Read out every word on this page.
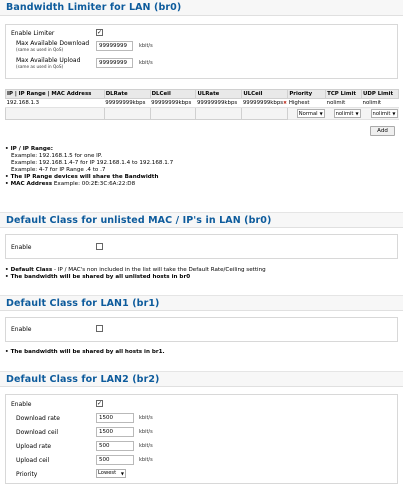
Bandwidth Limiter for LAN (br0)
Enable Limiter	✓
Max Available Download
(same as used in QoS)
99999999	kbit/s
Max Available Upload
(same as used in QoS)
99999999	kbit/s
IP | IP Range | MAC Address	DLRate	DLCeil	ULRate	ULCeil	Priority	TCP Limit	UDP Limit
192.168.1.3	99999999kbps	99999999kbps	99999999kbps	99999999kbps✖	Highest	nolimit	nolimit
					Normal ▼	nolimit ▼	nolimit ▼
Add
• IP / IP Range:
Example: 192.168.1.5 for one IP.
Example: 192.168.1.4-7 for IP 192.168.1.4 to 192.168.1.7
Example: 4-7 for IP Range .4 to .7
• The IP Range devices will share the Bandwidth
• MAC Address Example: 00:2E:3C:6A:22:D8
Default Class for unlisted MAC / IP's in LAN (br0)
Enable
• Default Class - IP / MAC's non included in the list will take the Default Rate/Ceiling setting
• The bandwidth will be shared by all unlisted hosts in br0
Default Class for LAN1 (br1)
Enable
• The bandwidth will be shared by all hosts in br1.
Default Class for LAN2 (br2)
Enable	✓
Download rate	1500	kbit/s
Download ceil	1500	kbit/s
Upload rate	500	kbit/s
Upload ceil	500	kbit/s
Priority	Lowest ▼
